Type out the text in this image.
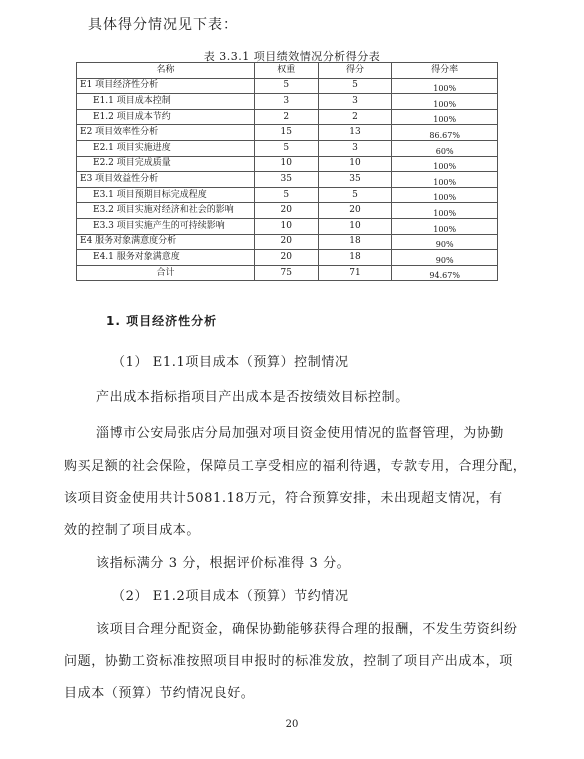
具体得分情况见下表：
表 3.3.1 项目绩效情况分析得分表
名称	权重	得分	得分率
E1 项目经济性分析	5	5	100%
E1.1 项目成本控制	3	3	100%
E1.2 项目成本节约	2	2	100%
E2 项目效率性分析	15	13	86.67%
E2.1 项目实施进度	5	3	60%
E2.2 项目完成质量	10	10	100%
E3 项目效益性分析	35	35	100%
E3.1 项目预期目标完成程度	5	5	100%
E3.2 项目实施对经济和社会的影响	20	20	100%
E3.3 项目实施产生的可持续影响	10	10	100%
E4 服务对象满意度分析	20	18	90%
E4.1 服务对象满意度	20	18	90%
合计	75	71	94.67%
1. 项目经济性分析
（1） E1.1项目成本（预算）控制情况
产出成本指标指项目产出成本是否按绩效目标控制。
淄博市公安局张店分局加强对项目资金使用情况的监督管理，为协勤
购买足额的社会保险，保障员工享受相应的福利待遇，专款专用，合理分配，
该项目资金使用共计5081.18万元，符合预算安排，未出现超支情况，有
效的控制了项目成本。
该指标满分 3 分，根据评价标准得 3 分。
（2） E1.2项目成本（预算）节约情况
该项目合理分配资金，确保协勤能够获得合理的报酬，不发生劳资纠纷
问题，协勤工资标准按照项目申报时的标准发放，控制了项目产出成本，项
目成本（预算）节约情况良好。
20
